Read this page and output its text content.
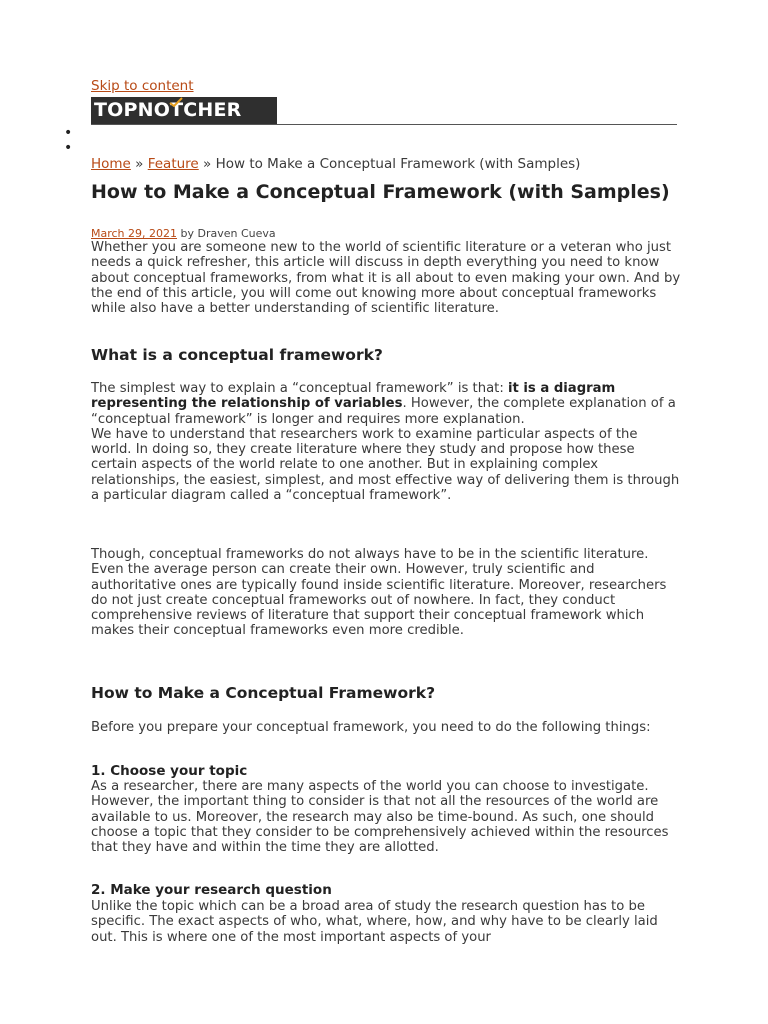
Skip to content
TOPNOTCHER
•
•
Home » Feature » How to Make a Conceptual Framework (with Samples)
How to Make a Conceptual Framework (with Samples)
March 29, 2021 by Draven Cueva

Whether you are someone new to the world of scientific literature or a veteran who just needs a quick refresher, this article will discuss in depth everything you need to know about conceptual frameworks, from what it is all about to even making your own. And by the end of this article, you will come out knowing more about conceptual frameworks while also have a better understanding of scientific literature.

What is a conceptual framework?

The simplest way to explain a “conceptual framework” is that: it is a diagram representing the relationship of variables. However, the complete explanation of a “conceptual framework” is longer and requires more explanation.

We have to understand that researchers work to examine particular aspects of the world. In doing so, they create literature where they study and propose how these certain aspects of the world relate to one another. But in explaining complex relationships, the easiest, simplest, and most effective way of delivering them is through a particular diagram called a “conceptual framework”.

Though, conceptual frameworks do not always have to be in the scientific literature. Even the average person can create their own. However, truly scientific and authoritative ones are typically found inside scientific literature. Moreover, researchers do not just create conceptual frameworks out of nowhere. In fact, they conduct comprehensive reviews of literature that support their conceptual framework which makes their conceptual frameworks even more credible.

How to Make a Conceptual Framework?

Before you prepare your conceptual framework, you need to do the following things:

1. Choose your topic

As a researcher, there are many aspects of the world you can choose to investigate. However, the important thing to consider is that not all the resources of the world are available to us. Moreover, the research may also be time-bound. As such, one should choose a topic that they consider to be comprehensively achieved within the resources that they have and within the time they are allotted.

2. Make your research question

Unlike the topic which can be a broad area of study the research question has to be specific. The exact aspects of who, what, where, how, and why have to be clearly laid out. This is where one of the most important aspects of your
